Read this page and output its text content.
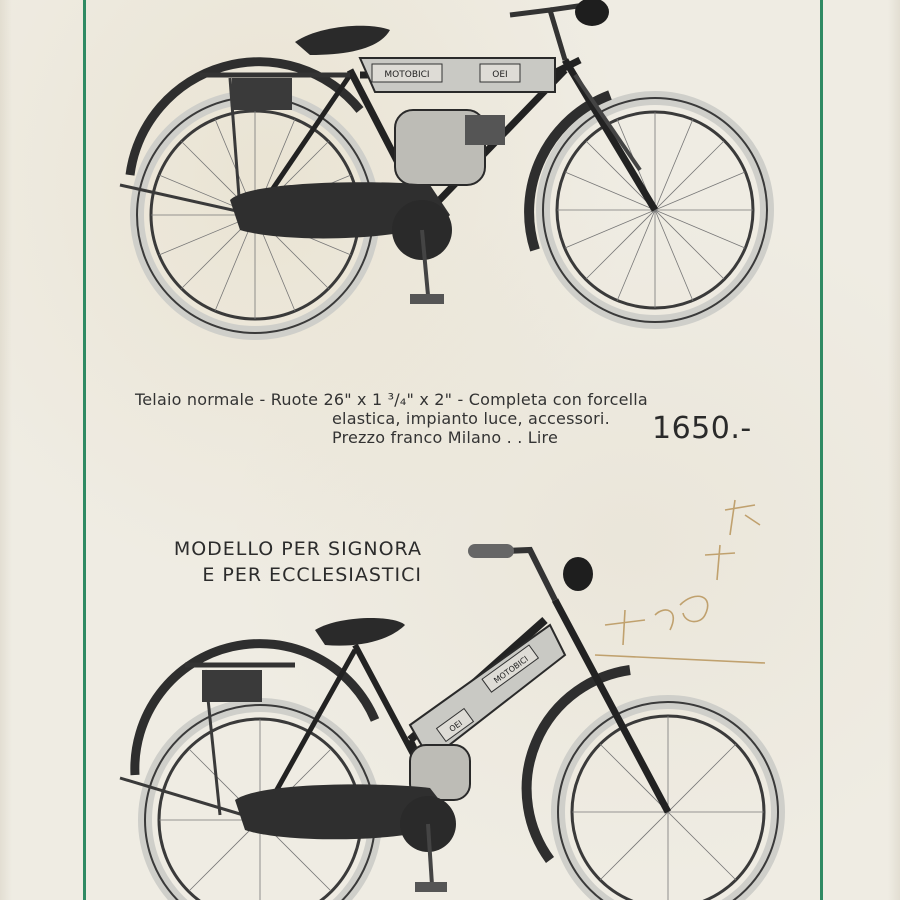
MOTOBICI	OEI
Telaio normale - Ruote 26" x 1 ³/₄" x 2" - Completa con forcella
elastica, impianto luce, accessori.
Prezzo franco Milano . . Lire	1650.-
MODELLO PER SIGNORA
E PER ECCLESIASTICI
MOTOBICI
OEI
